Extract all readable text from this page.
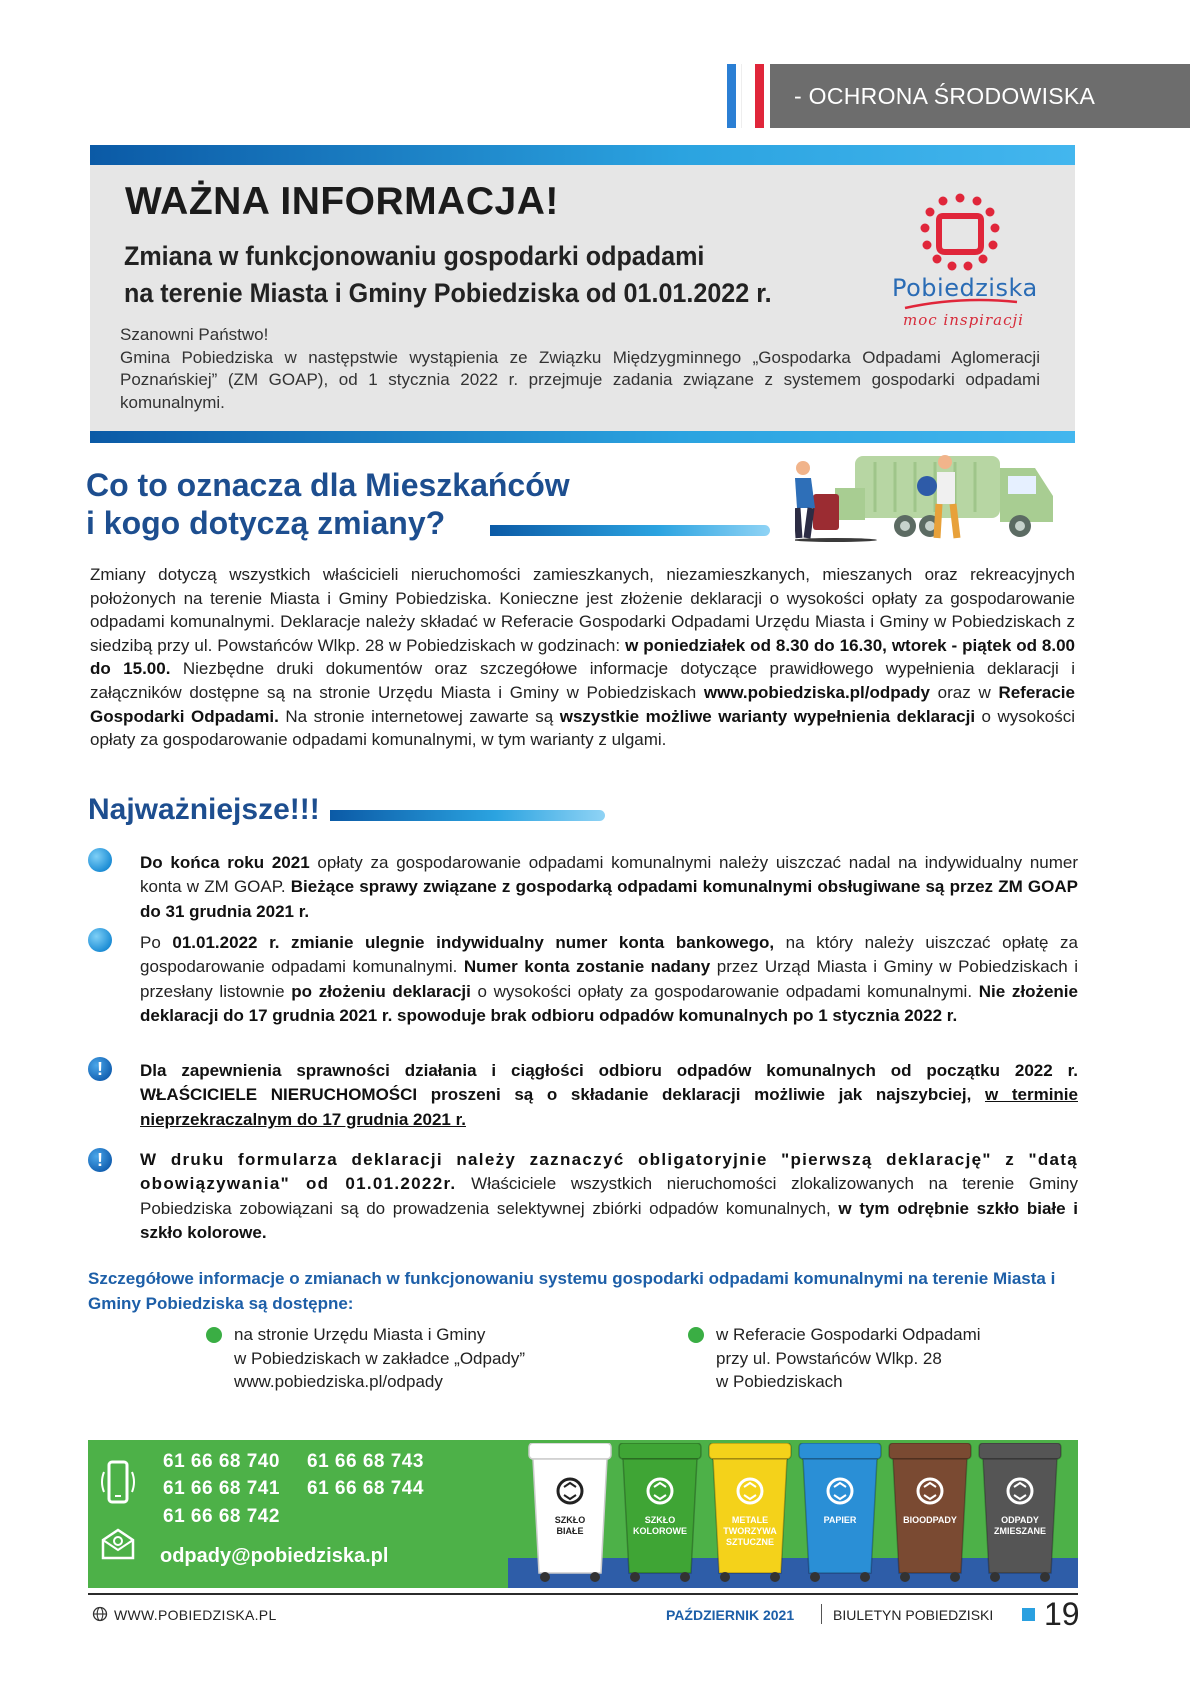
- OCHRONA ŚRODOWISKA
WAŻNA INFORMACJA!
Zmiana w funkcjonowaniu gospodarki odpadami
na terenie Miasta i Gminy Pobiedziska od 01.01.2022 r.
Szanowni Państwo!
Gmina Pobiedziska w następstwie wystąpienia ze Związku Międzygminnego „Gospodarka Odpadami Aglomeracji Poznańskiej” (ZM GOAP), od 1 stycznia 2022 r. przejmuje zadania związane z systemem gospodarki odpadami komunalnymi.
Pobiedziska
moc inspiracji
Co to oznacza dla Mieszkańców
i kogo dotyczą zmiany?
Zmiany dotyczą wszystkich właścicieli nieruchomości zamieszkanych, niezamieszkanych, mieszanych oraz rekreacyjnych położonych na terenie Miasta i Gminy Pobiedziska. Konieczne jest złożenie deklaracji o wysokości opłaty za gospodarowanie odpadami komunalnymi. Deklaracje należy składać w Referacie Gospodarki Odpadami Urzędu Miasta i Gminy w Pobiedziskach z siedzibą przy ul. Powstańców Wlkp. 28 w Pobiedziskach w godzinach: w poniedziałek od 8.30 do 16.30, wtorek - piątek od 8.00 do 15.00. Niezbędne druki dokumentów oraz szczegółowe informacje dotyczące prawidłowego wypełnienia deklaracji i załączników dostępne są na stronie Urzędu Miasta i Gminy w Pobiedziskach www.pobiedziska.pl/odpady oraz w Referacie Gospodarki Odpadami. Na stronie internetowej zawarte są wszystkie możliwe warianty wypełnienia deklaracji o wysokości opłaty za gospodarowanie odpadami komunalnymi, w tym warianty z ulgami.
Najważniejsze!!!
Do końca roku 2021 opłaty za gospodarowanie odpadami komunalnymi należy uiszczać nadal na indywidualny numer konta w ZM GOAP. Bieżące sprawy związane z gospodarką odpadami komunalnymi obsługiwane są przez ZM GOAP do 31 grudnia 2021 r.
Po 01.01.2022 r. zmianie ulegnie indywidualny numer konta bankowego, na który należy uiszczać opłatę za gospodarowanie odpadami komunalnymi. Numer konta zostanie nadany przez Urząd Miasta i Gminy w Pobiedziskach i przesłany listownie po złożeniu deklaracji o wysokości opłaty za gospodarowanie odpadami komunalnymi. Nie złożenie deklaracji do 17 grudnia 2021 r. spowoduje brak odbioru odpadów komunalnych po 1 stycznia 2022 r.
!	Dla zapewnienia sprawności działania i ciągłości odbioru odpadów komunalnych od początku 2022 r. WŁAŚCICIELE NIERUCHOMOŚCI proszeni są o składanie deklaracji możliwie jak najszybciej, w terminie nieprzekraczalnym do 17 grudnia 2021 r.
!	W druku formularza deklaracji należy zaznaczyć obligatoryjnie "pierwszą deklarację" z "datą obowiązywania" od 01.01.2022r. Właściciele wszystkich nieruchomości zlokalizowanych na terenie Gminy Pobiedziska zobowiązani są do prowadzenia selektywnej zbiórki odpadów komunalnych, w tym odrębnie szkło białe i szkło kolorowe.
Szczegółowe informacje o zmianach w funkcjonowaniu systemu gospodarki odpadami komunalnymi na terenie Miasta i Gminy Pobiedziska są dostępne:
na stronie Urzędu Miasta i Gminy
w Pobiedziskach w zakładce „Odpady”
www.pobiedziska.pl/odpady
w Referacie Gospodarki Odpadami
przy ul. Powstańców Wlkp. 28
w Pobiedziskach
61 66 68 740 61 66 68 743
61 66 68 741 61 66 68 744
61 66 68 742
odpady@pobiedziska.pl
SZKŁO
BIAŁE
SZKŁO
KOLOROWE
METALE
TWORZYWA
SZTUCZNE
PAPIER	BIOODPADY	ODPADY
ZMIESZANE
WWW.POBIEDZISKA.PL	PAŹDZIERNIK 2021	BIULETYN POBIEDZISKI 19
